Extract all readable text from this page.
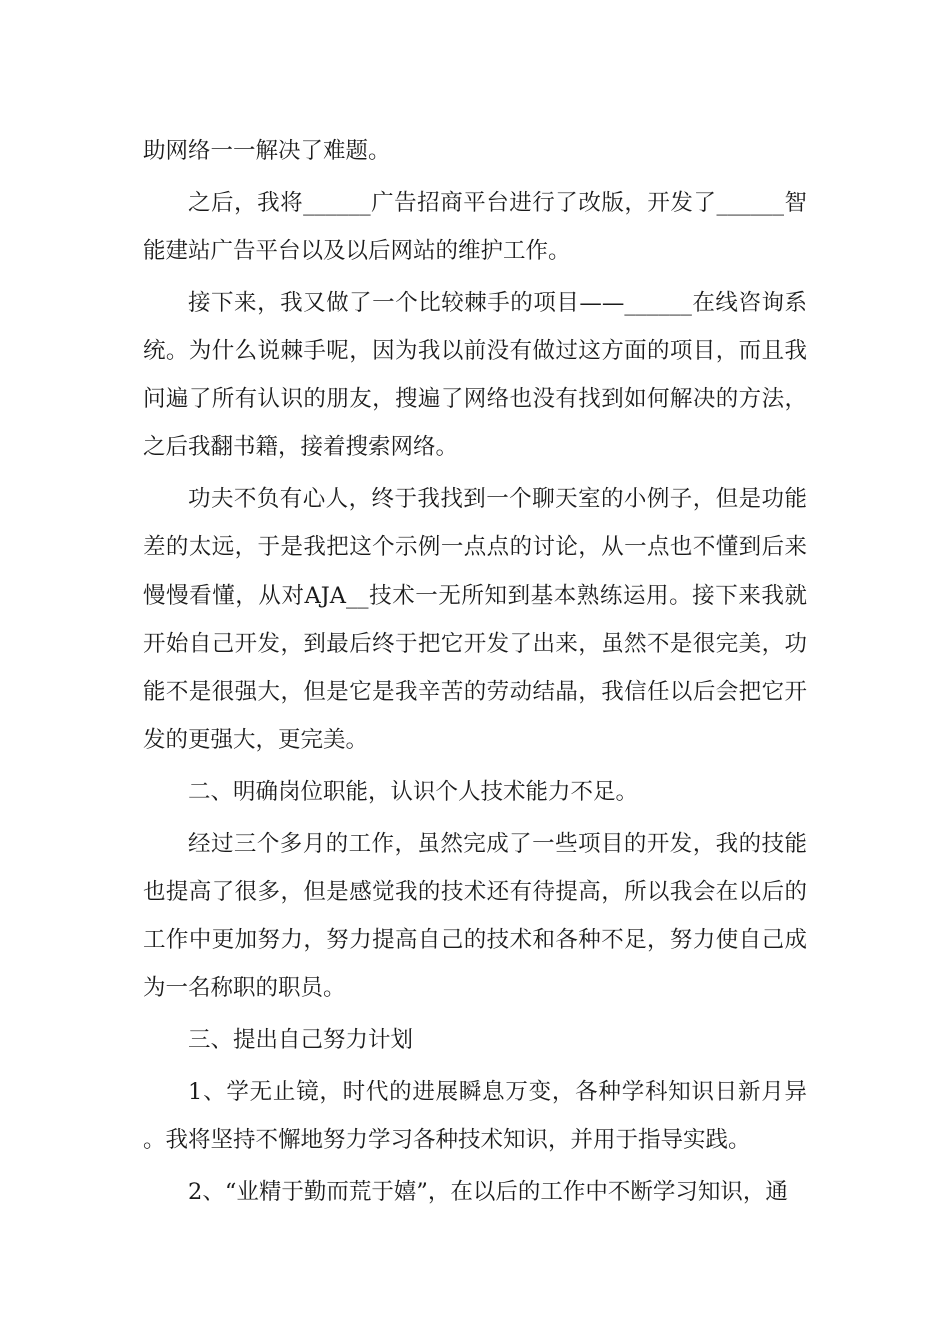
助网络一一解决了难题。

之后，我将______广告招商平台进行了改版，开发了______智能建站广告平台以及以后网站的维护工作。

接下来，我又做了一个比较棘手的项目——______在线咨询系统。为什么说棘手呢，因为我以前没有做过这方面的项目，而且我问遍了所有认识的朋友，搜遍了网络也没有找到如何解决的方法，之后我翻书籍，接着搜索网络。

功夫不负有心人，终于我找到一个聊天室的小例子，但是功能差的太远，于是我把这个示例一点点的讨论，从一点也不懂到后来慢慢看懂，从对AJA__技术一无所知到基本熟练运用。接下来我就开始自己开发，到最后终于把它开发了出来，虽然不是很完美，功能不是很强大，但是它是我辛苦的劳动结晶，我信任以后会把它开发的更强大，更完美。

二、明确岗位职能，认识个人技术能力不足。

经过三个多月的工作，虽然完成了一些项目的开发，我的技能也提高了很多，但是感觉我的技术还有待提高，所以我会在以后的工作中更加努力，努力提高自己的技术和各种不足，努力使自己成为一名称职的职员。

三、提出自己努力计划

1、学无止镜，时代的进展瞬息万变，各种学科知识日新月异。我将坚持不懈地努力学习各种技术知识，并用于指导实践。

2、“业精于勤而荒于嬉”，在以后的工作中不断学习知识，通
